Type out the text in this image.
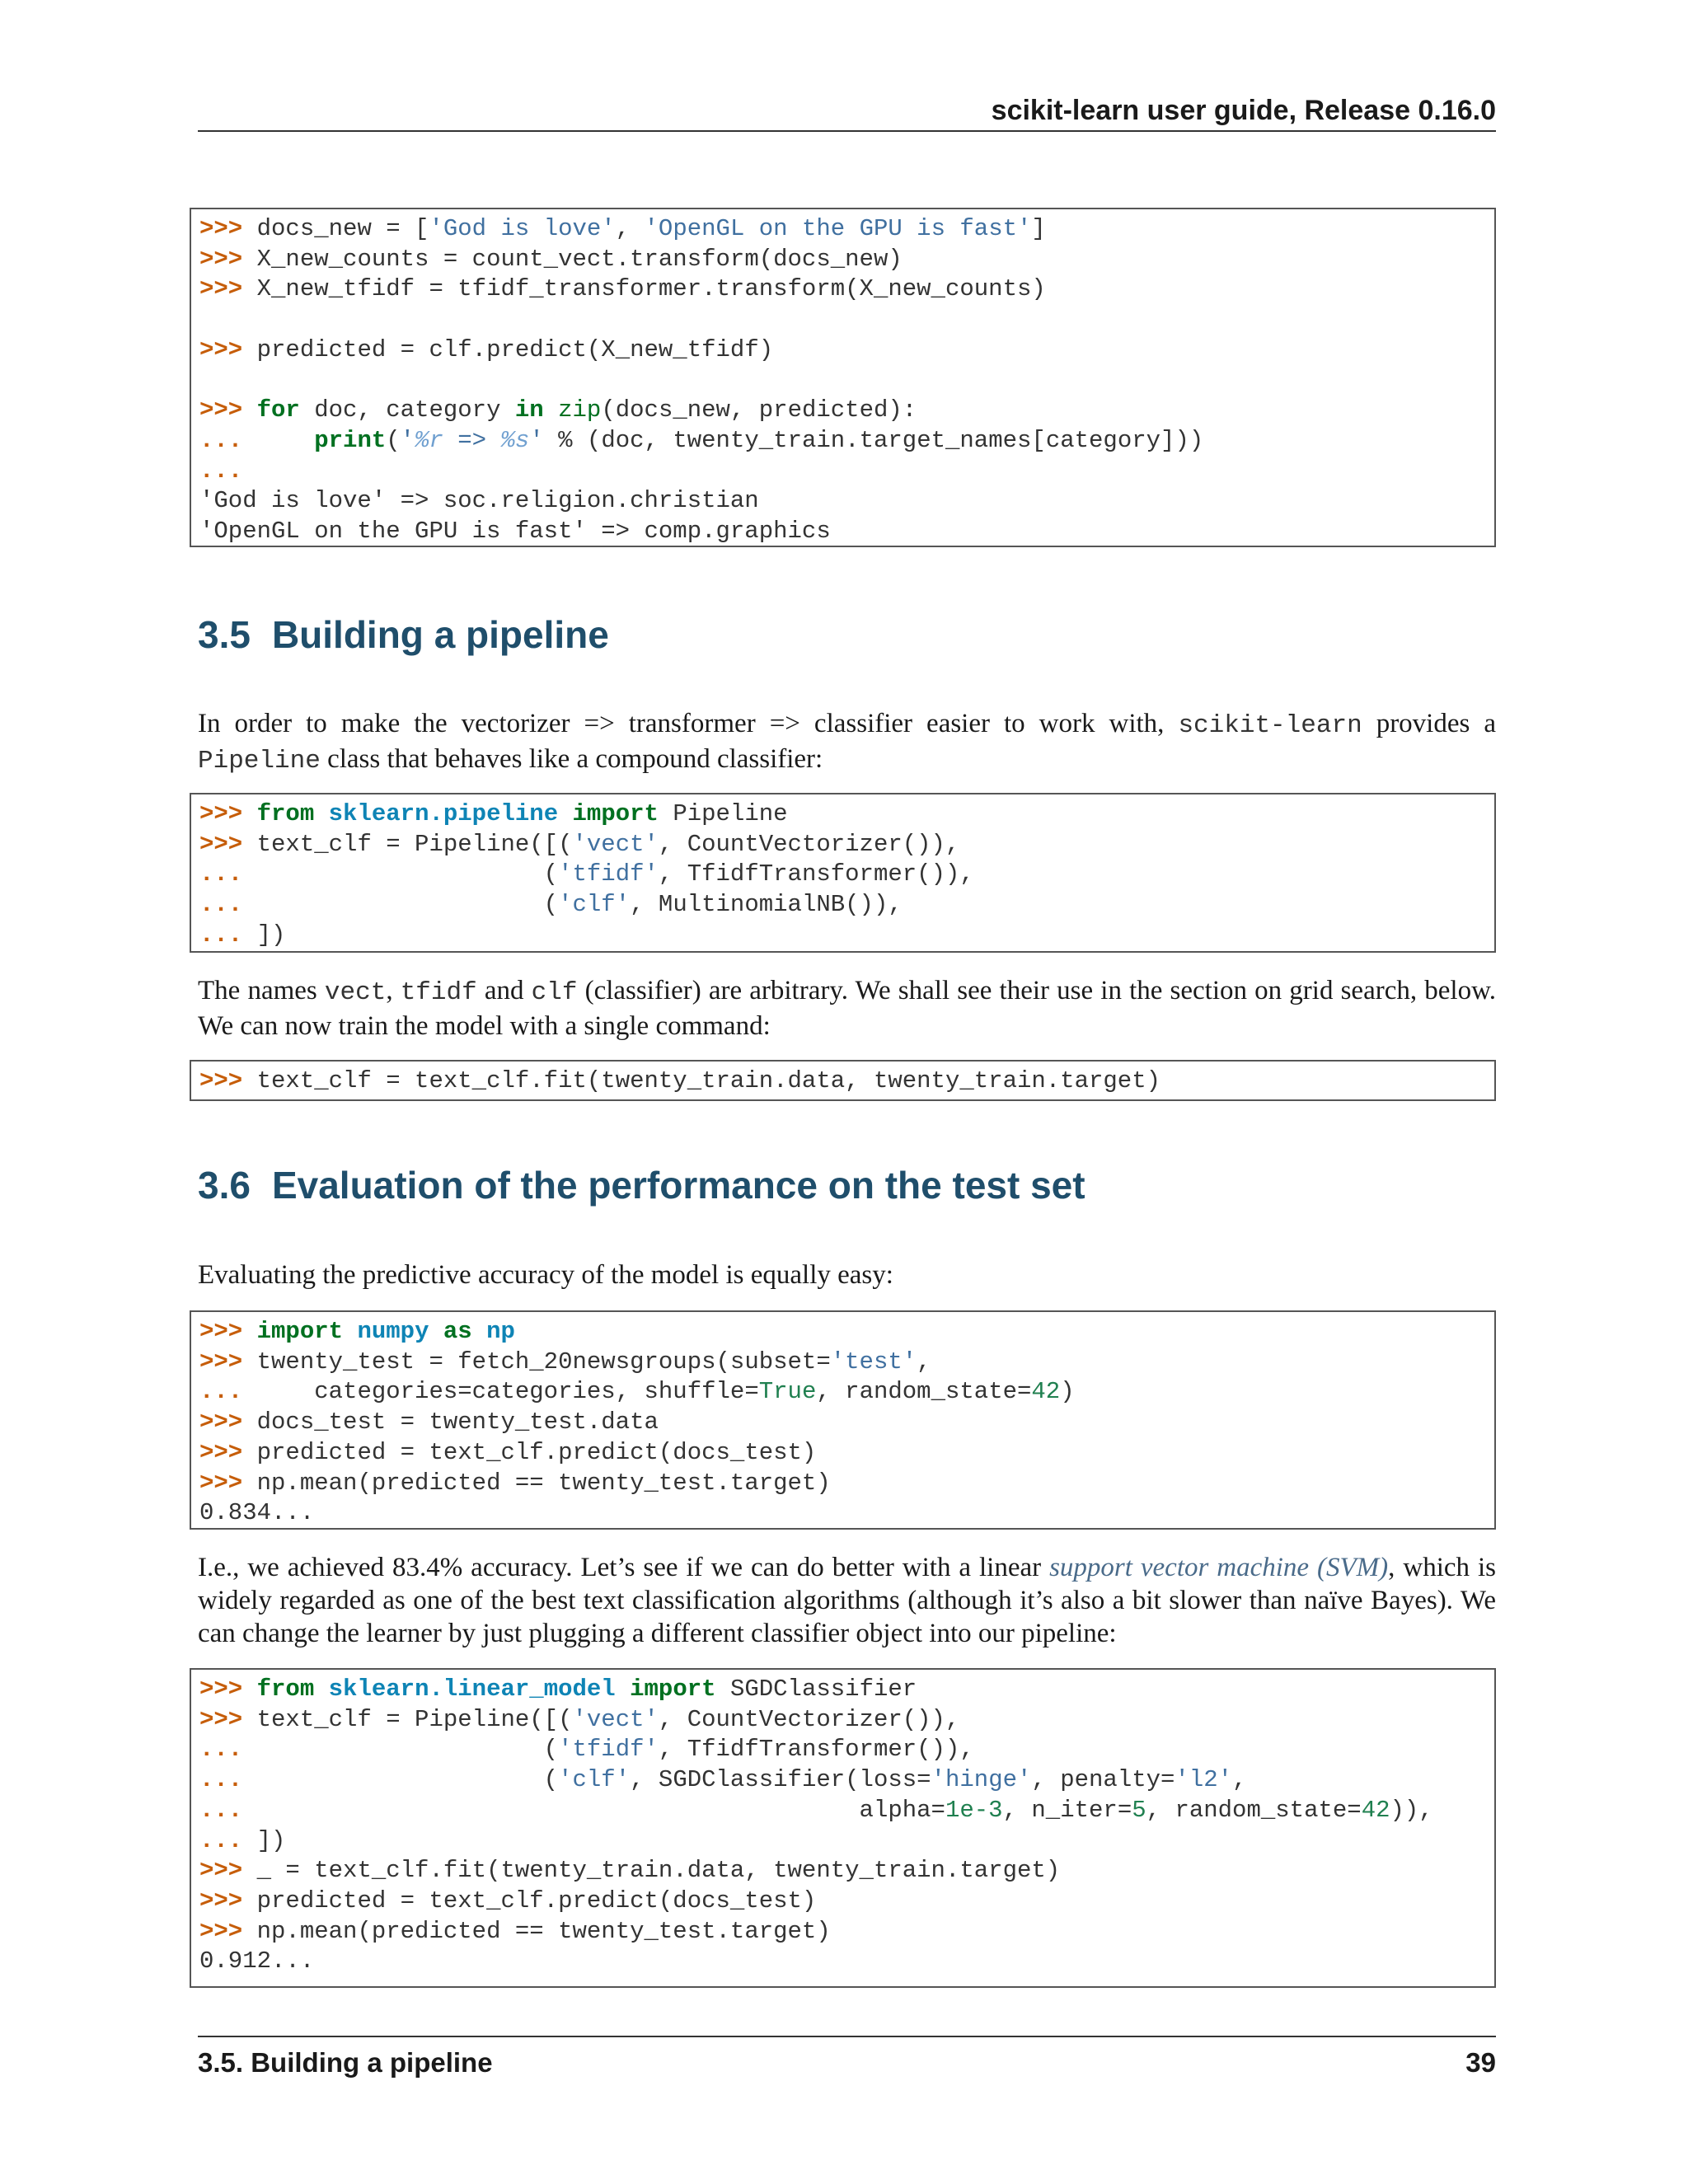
scikit-learn user guide, Release 0.16.0
>>> docs_new = ['God is love', 'OpenGL on the GPU is fast']
>>> X_new_counts = count_vect.transform(docs_new)
>>> X_new_tfidf = tfidf_transformer.transform(X_new_counts)

>>> predicted = clf.predict(X_new_tfidf)

>>> for doc, category in zip(docs_new, predicted):
...	print('%r => %s' % (doc, twenty_train.target_names[category]))
...
'God is love' => soc.religion.christian
'OpenGL on the GPU is fast' => comp.graphics
3.5 Building a pipeline

In order to make the vectorizer => transformer => classifier easier to work with, scikit-learn provides a Pipeline class that behaves like a compound classifier:

>>> from sklearn.pipeline import Pipeline
>>> text_clf = Pipeline([('vect', CountVectorizer()),
...                     ('tfidf', TfidfTransformer()),
...                     ('clf', MultinomialNB()),
... ])

The names vect, tfidf and clf (classifier) are arbitrary. We shall see their use in the section on grid search, below. We can now train the model with a single command:

>>> text_clf = text_clf.fit(twenty_train.data, twenty_train.target)
3.6 Evaluation of the performance on the test set

Evaluating the predictive accuracy of the model is equally easy:

>>> import numpy as np
>>> twenty_test = fetch_20newsgroups(subset='test',
...     categories=categories, shuffle=True, random_state=42)
>>> docs_test = twenty_test.data
>>> predicted = text_clf.predict(docs_test)
>>> np.mean(predicted == twenty_test.target)
0.834...

I.e., we achieved 83.4% accuracy. Let’s see if we can do better with a linear support vector machine (SVM), which is widely regarded as one of the best text classification algorithms (although it’s also a bit slower than naïve Bayes). We can change the learner by just plugging a different classifier object into our pipeline:

>>> from sklearn.linear_model import SGDClassifier
>>> text_clf = Pipeline([('vect', CountVectorizer()),
...                     ('tfidf', TfidfTransformer()),
...                     ('clf', SGDClassifier(loss='hinge', penalty='l2',
...                                           alpha=1e-3, n_iter=5, random_state=42)),
... ])
>>> _ = text_clf.fit(twenty_train.data, twenty_train.target)
>>> predicted = text_clf.predict(docs_test)
>>> np.mean(predicted == twenty_test.target)
0.912...
3.5. Building a pipeline	39
